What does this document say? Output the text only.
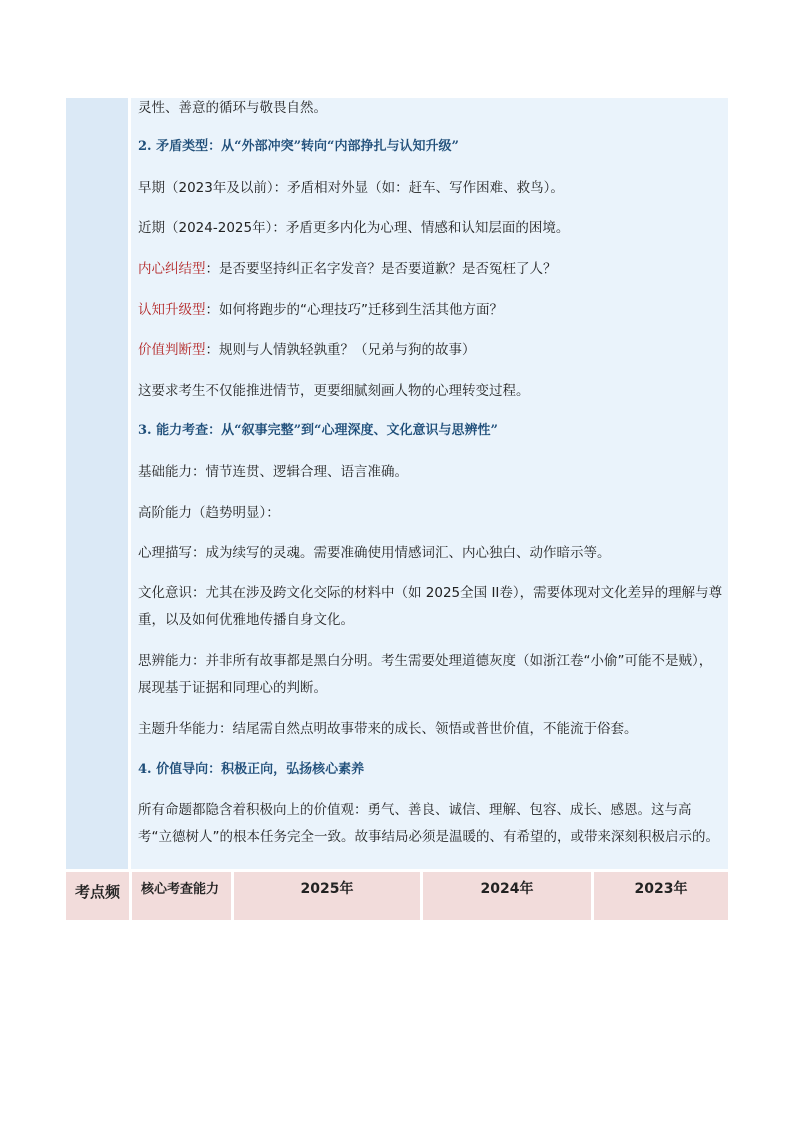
灵性、善意的循环与敬畏自然。
2. 矛盾类型：从“外部冲突”转向“内部挣扎与认知升级”
早期（2023年及以前）：矛盾相对外显（如：赶车、写作困难、救鸟）。
近期（2024-2025年）：矛盾更多内化为心理、情感和认知层面的困境。
内心纠结型：是否要坚持纠正名字发音？是否要道歉？是否冤枉了人？
认知升级型：如何将跑步的“心理技巧”迁移到生活其他方面？
价值判断型：规则与人情孰轻孰重？（兄弟与狗的故事）
这要求考生不仅能推进情节，更要细腻刻画人物的心理转变过程。
3. 能力考查：从“叙事完整”到“心理深度、文化意识与思辨性”
基础能力：情节连贯、逻辑合理、语言准确。
高阶能力（趋势明显）：
心理描写：成为续写的灵魂。需要准确使用情感词汇、内心独白、动作暗示等。
文化意识：尤其在涉及跨文化交际的材料中（如 2025全国 II卷），需要体现对文化差异的理解与尊重，以及如何优雅地传播自身文化。
思辨能力：并非所有故事都是黑白分明。考生需要处理道德灰度（如浙江卷“小偷”可能不是贼），展现基于证据和同理心的判断。
主题升华能力：结尾需自然点明故事带来的成长、领悟或普世价值，不能流于俗套。
4. 价值导向：积极正向，弘扬核心素养
所有命题都隐含着积极向上的价值观：勇气、善良、诚信、理解、包容、成长、感恩。这与高考“立德树人”的根本任务完全一致。故事结局必须是温暖的、有希望的，或带来深刻积极启示的。
考点频	核心考查能力	2025年	2024年	2023年
